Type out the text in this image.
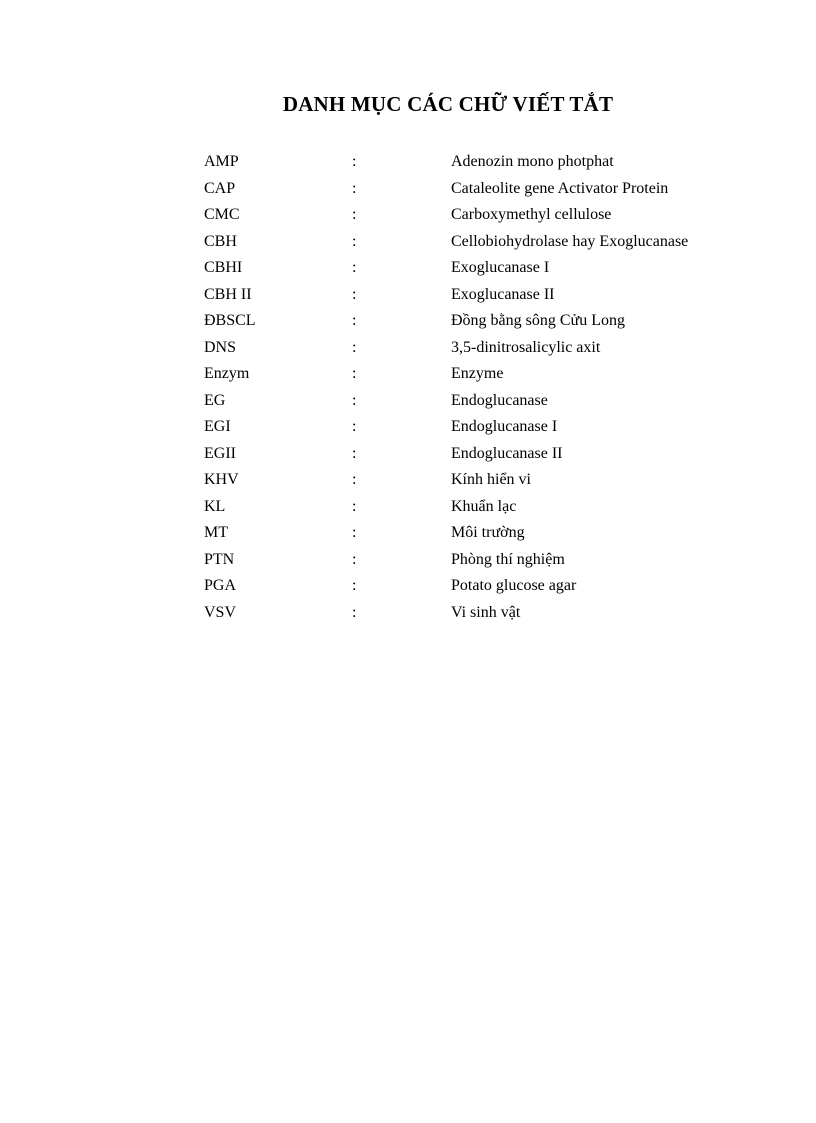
DANH MỤC CÁC CHỮ VIẾT TẮT
AMP	:	Adenozin mono photphat
CAP	:	Cataleolite gene Activator Protein
CMC	:	Carboxymethyl cellulose
CBH	:	Cellobiohydrolase hay Exoglucanase
CBHI	:	Exoglucanase I
CBH II	:	Exoglucanase II
ĐBSCL	:	Đồng bằng sông Cửu Long
DNS	:	3,5-dinitrosalicylic axit
Enzym	:	Enzyme
EG	:	Endoglucanase
EGI	:	Endoglucanase I
EGII	:	Endoglucanase II
KHV	:	Kính hiển vi
KL	:	Khuẩn lạc
MT	:	Môi trường
PTN	:	Phòng thí nghiệm
PGA	:	Potato glucose agar
VSV	:	Vi sinh vật
